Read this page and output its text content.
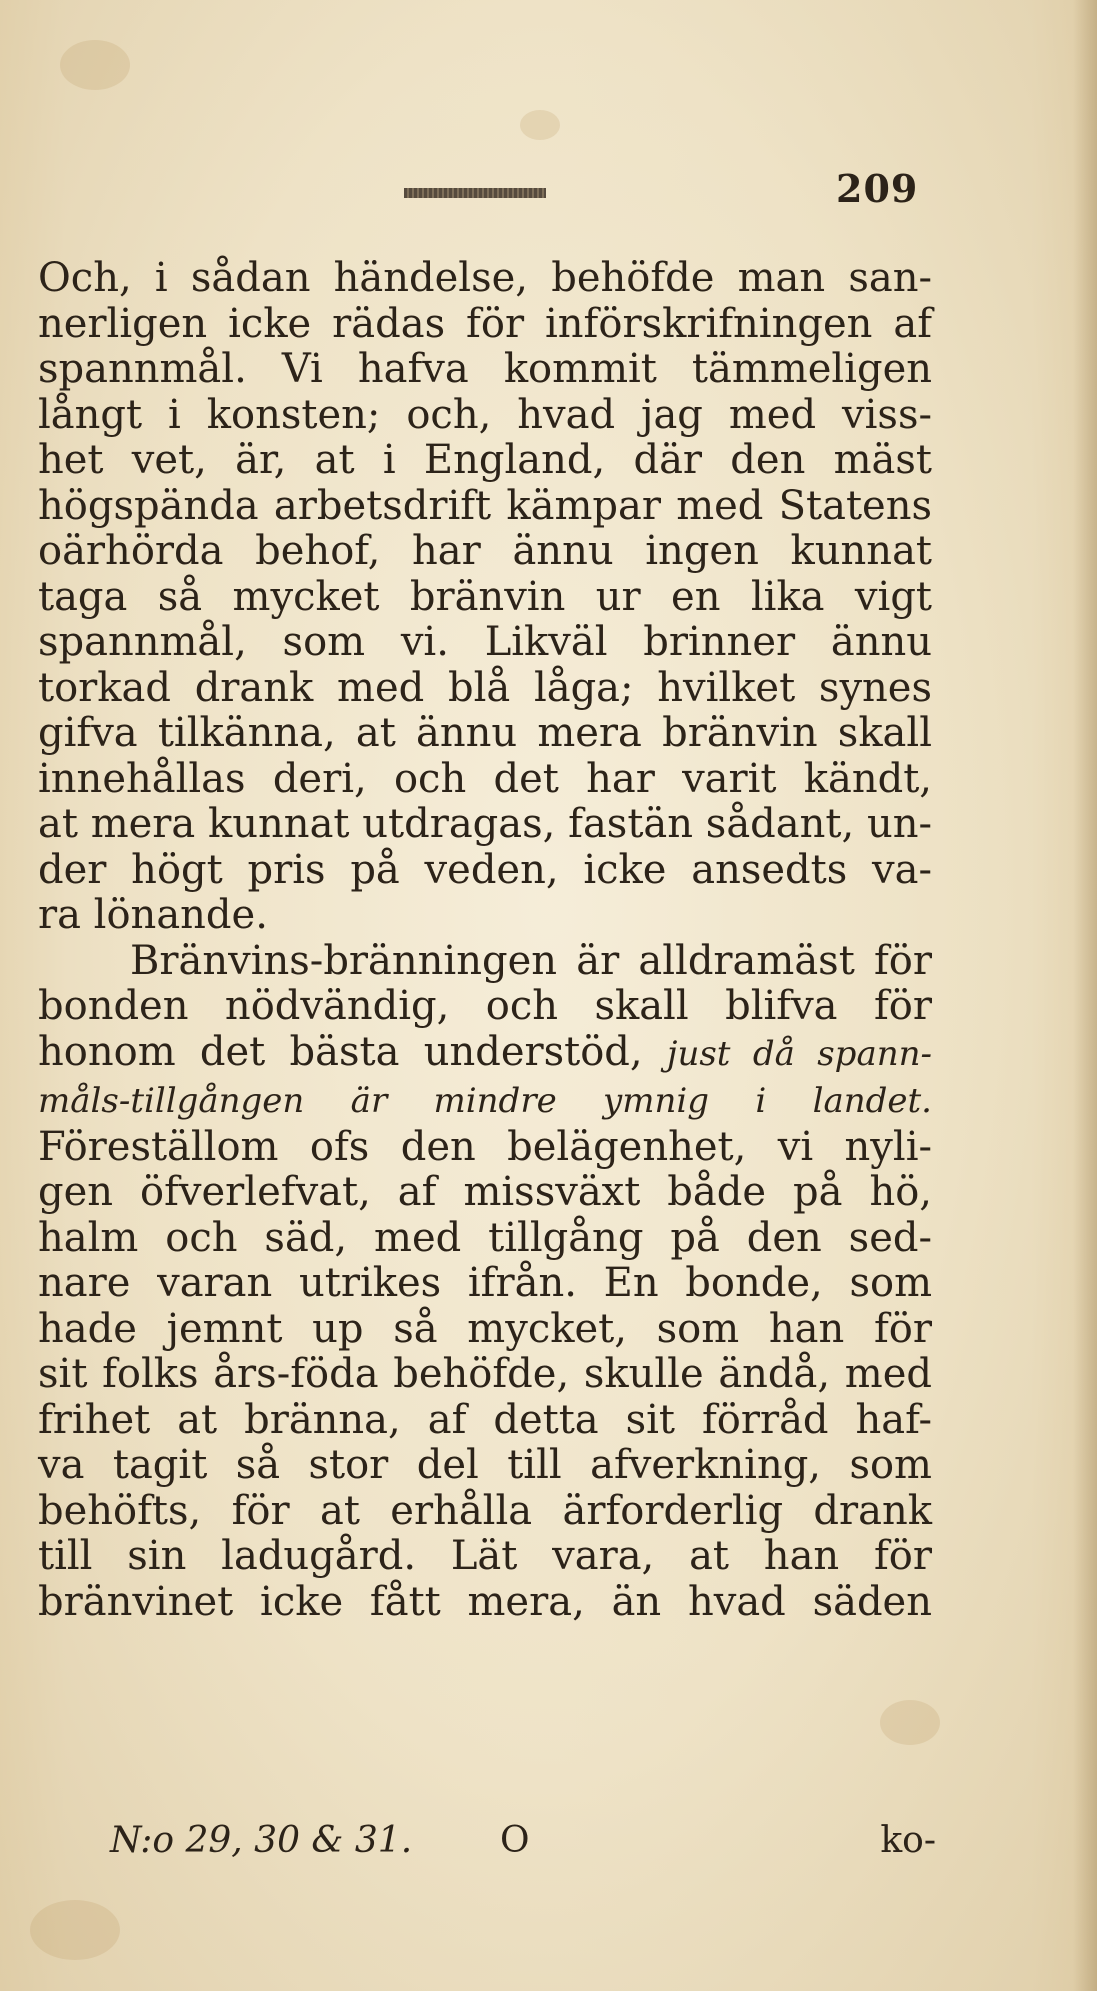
209
Och, i sådan händelse, behöfde man san-
nerligen icke rädas för införskrifningen af
spannmål. Vi hafva kommit tämmeligen
långt i konsten; och, hvad jag med viss-
het vet, är, at i England, där den mäst
högspända arbetsdrift kämpar med Statens
oärhörda behof, har ännu ingen kunnat
taga så mycket bränvin ur en lika vigt
spannmål, som vi. Likväl brinner ännu
torkad drank med blå låga; hvilket synes
gifva tilkänna, at ännu mera bränvin skall
innehållas deri, och det har varit kändt,
at mera kunnat utdragas, fastän sådant, un-
der högt pris på veden, icke ansedts va-
ra lönande.
Bränvins-bränningen är alldramäst för
bonden nödvändig, och skall blifva för
honom det bästa understöd, just då spann-
måls-tillgången är mindre ymnig i landet.
Föreställom ofs den belägenhet, vi nyli-
gen öfverlefvat, af missväxt både på hö,
halm och säd, med tillgång på den sed-
nare varan utrikes ifrån. En bonde, som
hade jemnt up så mycket, som han för
sit folks års-föda behöfde, skulle ändå, med
frihet at bränna, af detta sit förråd haf-
va tagit så stor del till afverkning, som
behöfts, för at erhålla ärforderlig drank
till sin ladugård. Lät vara, at han för
bränvinet icke fått mera, än hvad säden
N:o 29, 30 & 31. O	ko-
